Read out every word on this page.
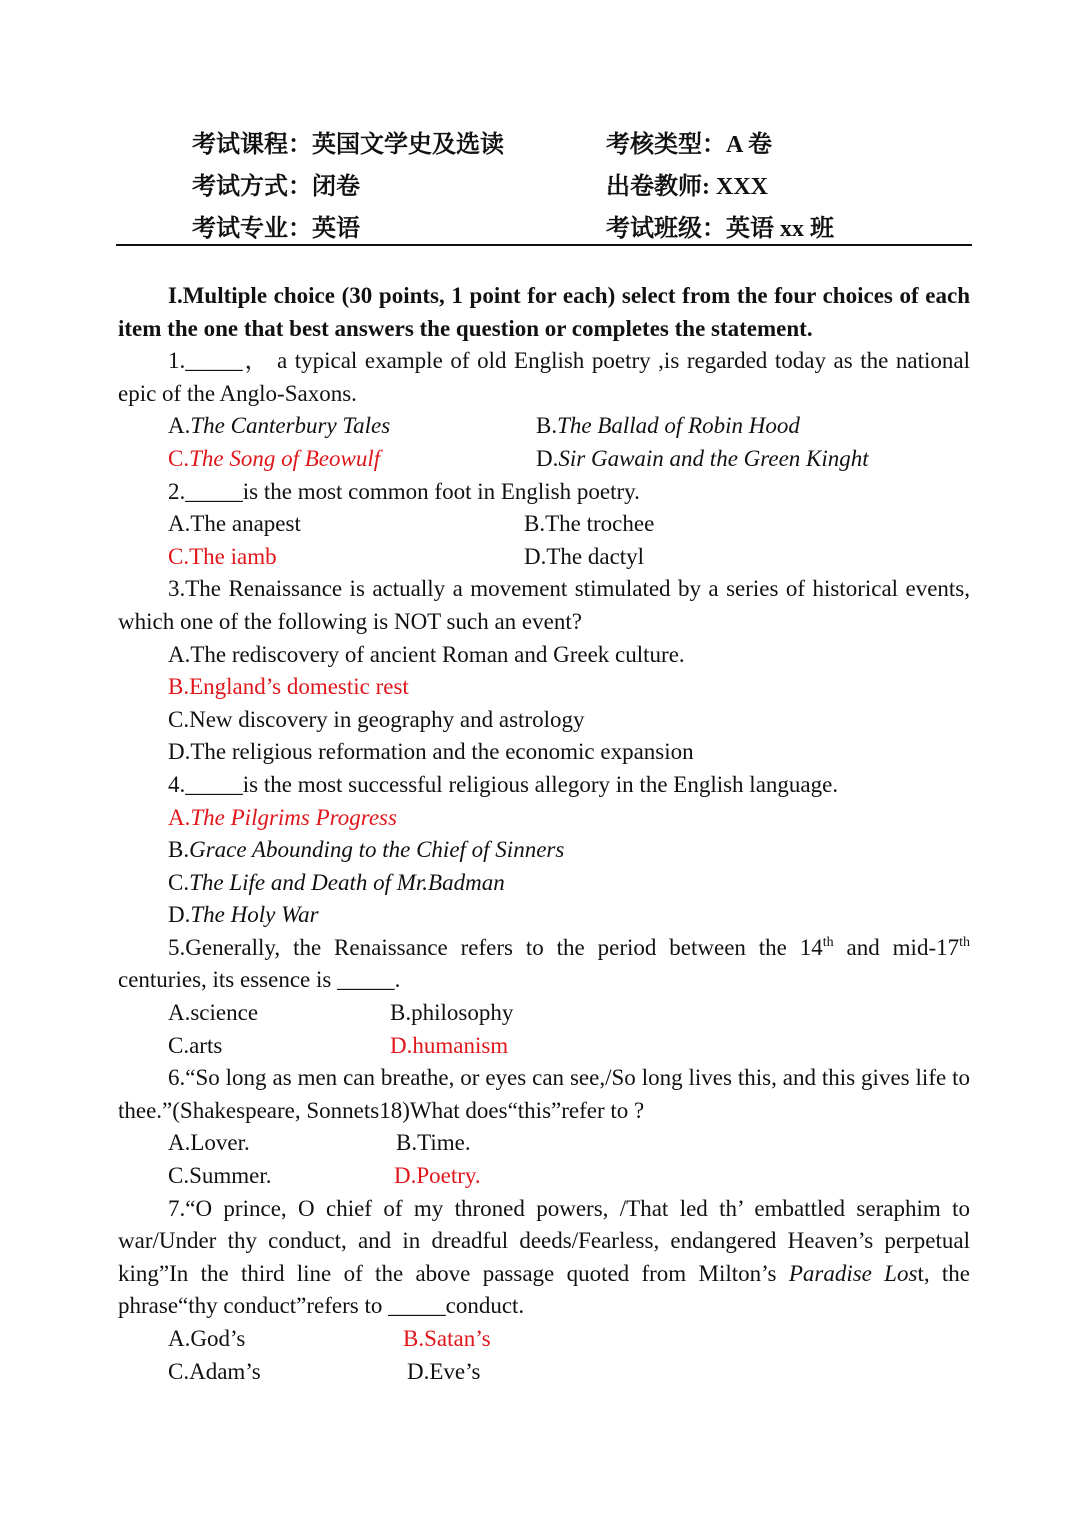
考试课程：英国文学史及选读	考核类型：A 卷
考试方式：闭卷	出卷教师: XXX
考试专业：英语	考试班级：英语 xx 班
I.Multiple choice (30 points, 1 point for each) select from the four choices of each item the one that best answers the question or completes the statement.
1._____， a typical example of old English poetry ,is regarded today as the national epic of the Anglo-Saxons.
A.The Canterbury Tales	B.The Ballad of Robin Hood
C.The Song of Beowulf	D.Sir Gawain and the Green Kinght
2._____is the most common foot in English poetry.
A.The anapest	B.The trochee
C.The iamb	D.The dactyl
3.The Renaissance is actually a movement stimulated by a series of historical events, which one of the following is NOT such an event?
A.The rediscovery of ancient Roman and Greek culture.
B.England’s domestic rest
C.New discovery in geography and astrology
D.The religious reformation and the economic expansion
4._____is the most successful religious allegory in the English language.
A.The Pilgrims Progress
B.Grace Abounding to the Chief of Sinners
C.The Life and Death of Mr.Badman
D.The Holy War
5.Generally, the Renaissance refers to the period between the 14th and mid-17th centuries, its essence is _____.
A.science	B.philosophy
C.arts	D.humanism
6.“So long as men can breathe, or eyes can see,/So long lives this, and this gives life to thee.”(Shakespeare, Sonnets18)What does“this”refer to ?
A.Lover.	B.Time.
C.Summer.	D.Poetry.
7.“O prince, O chief of my throned powers, /That led th’ embattled seraphim to war/Under thy conduct, and in dreadful deeds/Fearless, endangered Heaven’s perpetual king”In the third line of the above passage quoted from Milton’s Paradise Lost, the phrase“thy conduct”refers to _____conduct.
A.God’s	B.Satan’s
C.Adam’s	D.Eve’s
